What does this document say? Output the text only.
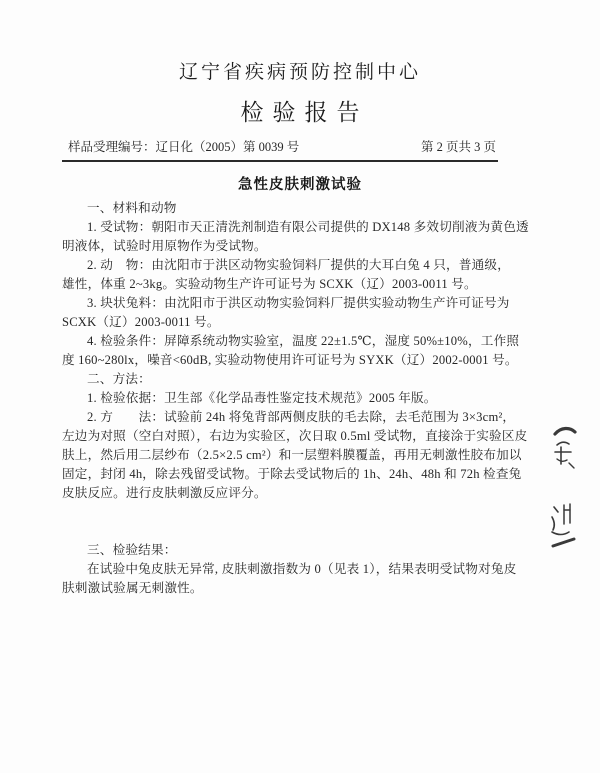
辽宁省疾病预防控制中心
检验报告
样品受理编号：辽日化（2005）第 0039 号	第 2 页共 3 页
急性皮肤刺激试验
一、材料和动物
1. 受试物：朝阳市天正清洗剂制造有限公司提供的 DX148 多效切削液为黄色透
明液体，试验时用原物作为受试物。
2. 动　物：由沈阳市于洪区动物实验饲料厂提供的大耳白兔 4 只，普通级，
雄性，体重 2~3kg。实验动物生产许可证号为 SCXK（辽）2003-0011 号。
3. 块状兔料：由沈阳市于洪区动物实验饲料厂提供实验动物生产许可证号为
SCXK（辽）2003-0011 号。
4. 检验条件：屏障系统动物实验室，温度 22±1.5℃，湿度 50%±10%，工作照
度 160~280lx，噪音<60dB, 实验动物使用许可证号为 SYXK（辽）2002-0001 号。
二、方法：
1. 检验依据：卫生部《化学品毒性鉴定技术规范》2005 年版。
2. 方　　法：试验前 24h 将兔背部两侧皮肤的毛去除，去毛范围为 3×3cm²，
左边为对照（空白对照），右边为实验区，次日取 0.5ml 受试物，直接涂于实验区皮
肤上，然后用二层纱布（2.5×2.5 cm²）和一层塑料膜覆盖，再用无刺激性胶布加以
固定，封闭 4h，除去残留受试物。于除去受试物后的 1h、24h、48h 和 72h 检查兔
皮肤反应。进行皮肤刺激反应评分。
三、检验结果：
在试验中兔皮肤无异常, 皮肤刺激指数为 0（见表 1），结果表明受试物对兔皮
肤刺激试验属无刺激性。
